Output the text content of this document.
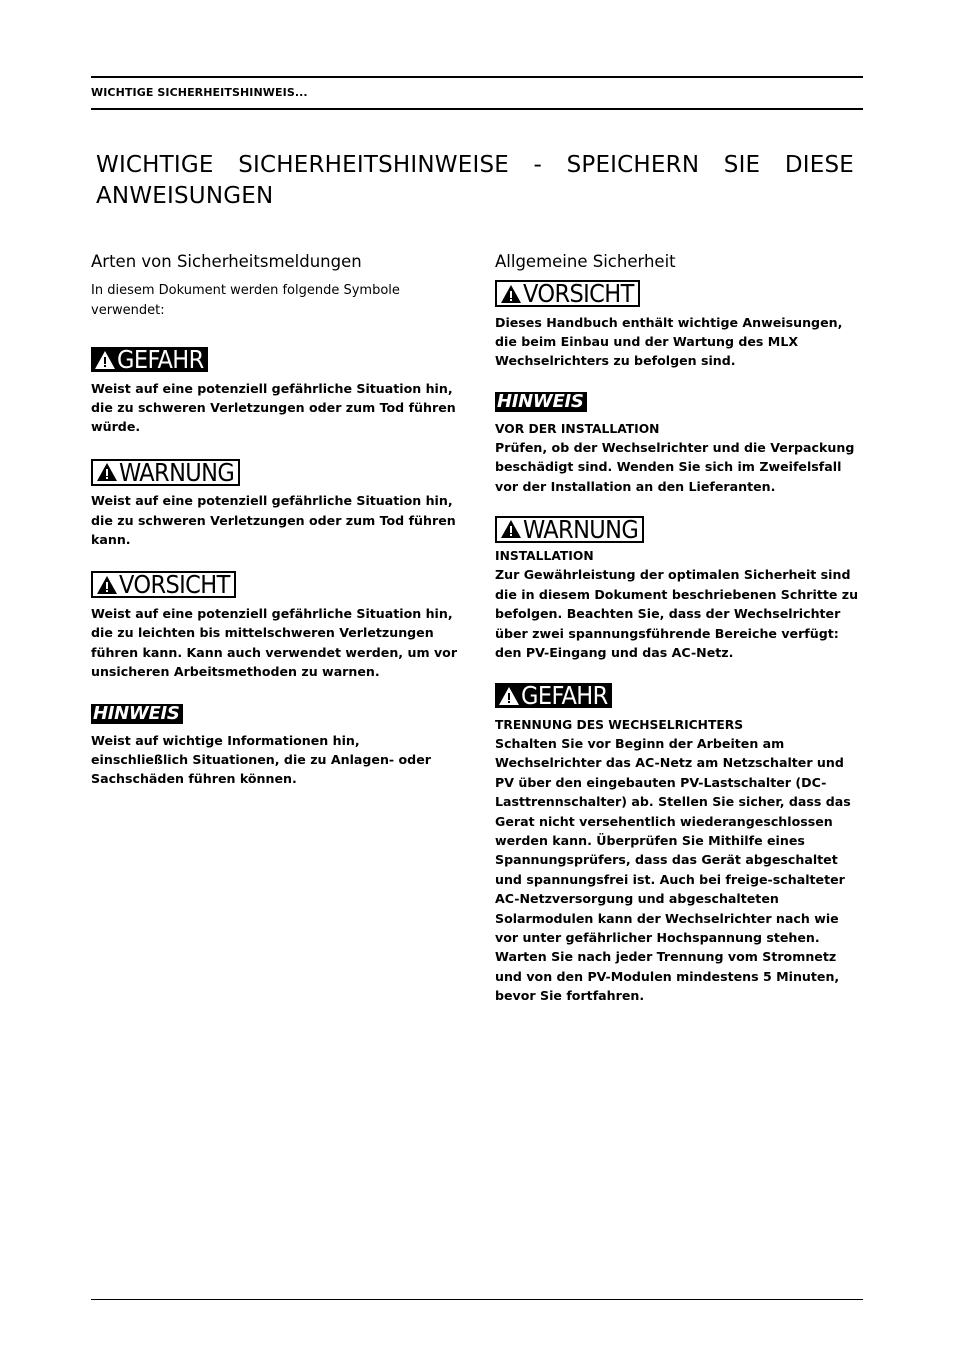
WICHTIGE SICHERHEITSHINWEIS...
WICHTIGE SICHERHEITSHINWEISE - SPEICHERN SIE DIESE ANWEISUNGEN
Arten von Sicherheitsmeldungen
In diesem Dokument werden folgende Symbole verwendet:
GEFAHR

Weist auf eine potenziell gefährliche Situation hin, die zu schweren Verletzungen oder zum Tod führen würde.

WARNUNG

Weist auf eine potenziell gefährliche Situation hin, die zu schweren Verletzungen oder zum Tod führen kann.

VORSICHT

Weist auf eine potenziell gefährliche Situation hin, die zu leichten bis mittelschweren Verletzungen führen kann. Kann auch verwendet werden, um vor unsicheren Arbeitsmethoden zu warnen.

HINWEIS

Weist auf wichtige Informationen hin, einschließlich Situationen, die zu Anlagen- oder Sachschäden führen können.

Allgemeine Sicherheit
VORSICHT

Dieses Handbuch enthält wichtige Anweisungen, die beim Einbau und der Wartung des MLX Wechselrichters zu befolgen sind.

HINWEIS

VOR DER INSTALLATION

Prüfen, ob der Wechselrichter und die Verpackung beschädigt sind. Wenden Sie sich im Zweifelsfall vor der Installation an den Lieferanten.

WARNUNG

INSTALLATION

Zur Gewährleistung der optimalen Sicherheit sind die in diesem Dokument beschriebenen Schritte zu befolgen. Beachten Sie, dass der Wechselrichter über zwei spannungsführende Bereiche verfügt: den PV-Eingang und das AC-Netz.

GEFAHR

TRENNUNG DES WECHSELRICHTERS

Schalten Sie vor Beginn der Arbeiten am Wechselrichter das AC-Netz am Netzschalter und PV über den eingebauten PV-Lastschalter (DC-Lasttrennschalter) ab. Stellen Sie sicher, dass das Gerat nicht versehentlich wiederangeschlossen werden kann. Überprüfen Sie Mithilfe eines Spannungsprüfers, dass das Gerät abgeschaltet und spannungsfrei ist. Auch bei freige-schalteter AC-Netzversorgung und abgeschalteten Solarmodulen kann der Wechselrichter nach wie vor unter gefährlicher Hochspannung stehen. Warten Sie nach jeder Trennung vom Stromnetz und von den PV-Modulen mindestens 5 Minuten, bevor Sie fortfahren.
